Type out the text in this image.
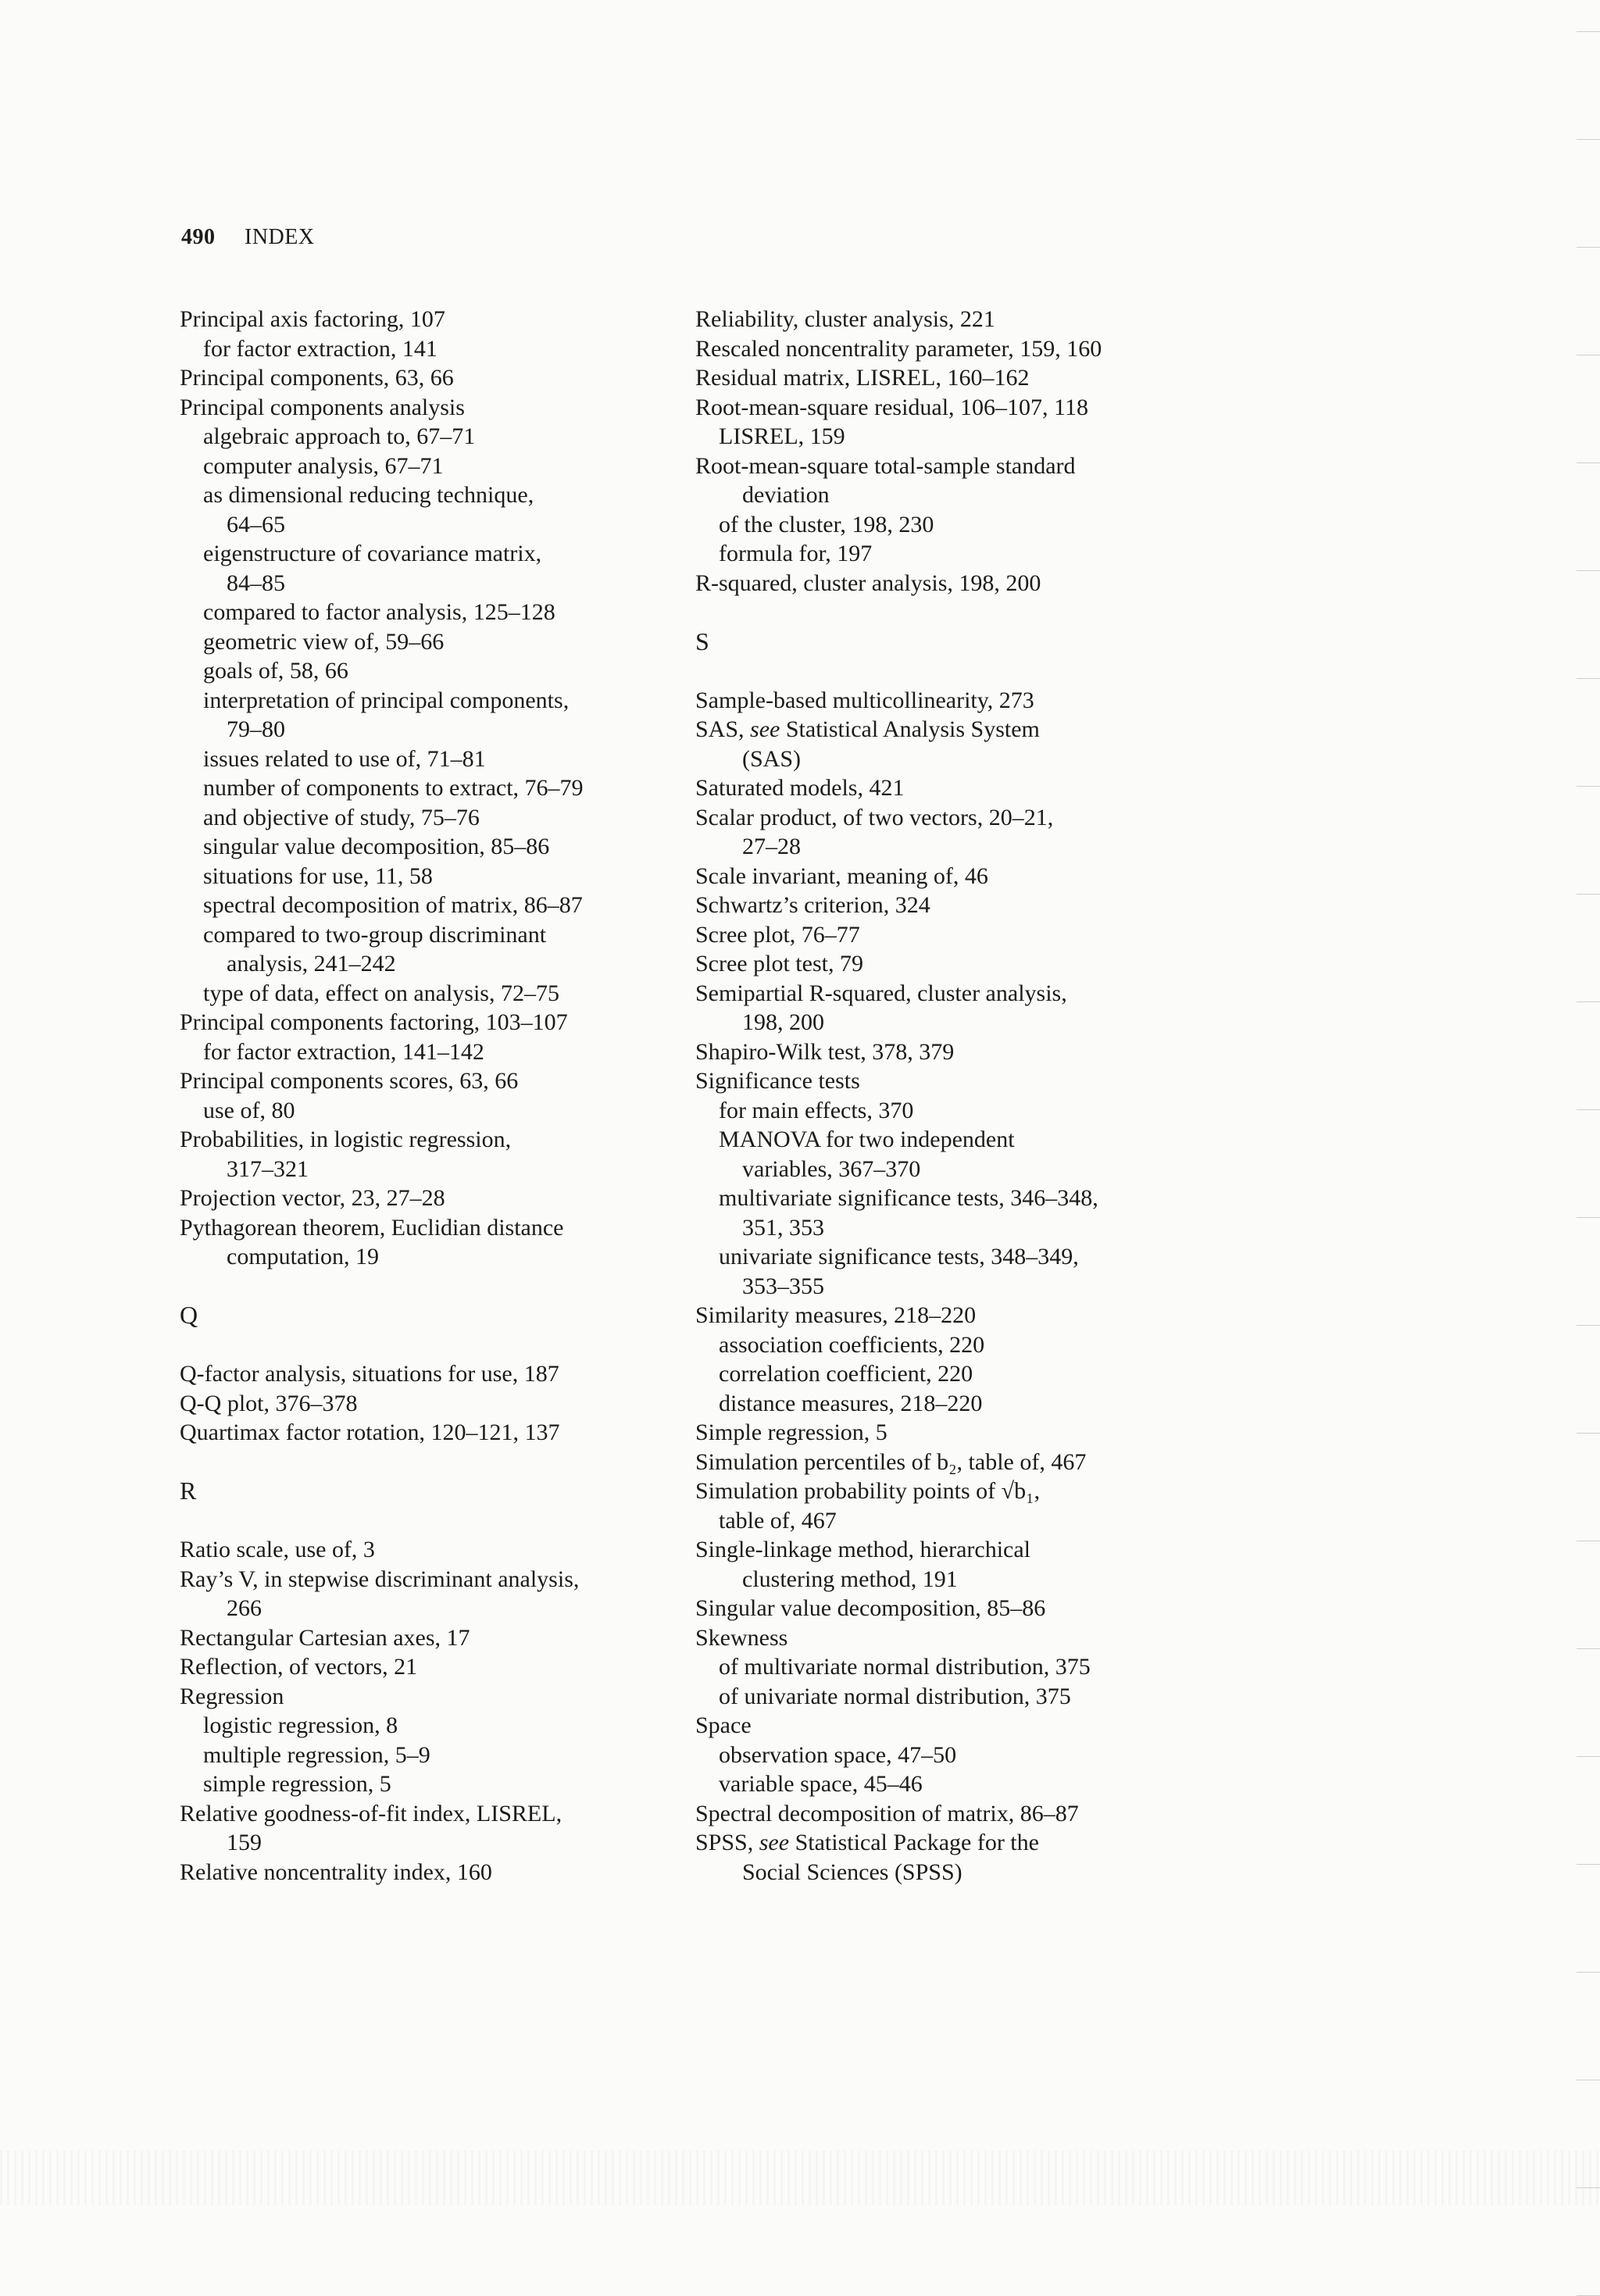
490 INDEX
Principal axis factoring, 107
for factor extraction, 141
Principal components, 63, 66
Principal components analysis
algebraic approach to, 67–71
computer analysis, 67–71
as dimensional reducing technique,
64–65
eigenstructure of covariance matrix,
84–85
compared to factor analysis, 125–128
geometric view of, 59–66
goals of, 58, 66
interpretation of principal components,
79–80
issues related to use of, 71–81
number of components to extract, 76–79
and objective of study, 75–76
singular value decomposition, 85–86
situations for use, 11, 58
spectral decomposition of matrix, 86–87
compared to two-group discriminant
analysis, 241–242
type of data, effect on analysis, 72–75
Principal components factoring, 103–107
for factor extraction, 141–142
Principal components scores, 63, 66
use of, 80
Probabilities, in logistic regression,
317–321
Projection vector, 23, 27–28
Pythagorean theorem, Euclidian distance
computation, 19
Q
Q-factor analysis, situations for use, 187
Q-Q plot, 376–378
Quartimax factor rotation, 120–121, 137
R
Ratio scale, use of, 3
Ray’s V, in stepwise discriminant analysis,
266
Rectangular Cartesian axes, 17
Reflection, of vectors, 21
Regression
logistic regression, 8
multiple regression, 5–9
simple regression, 5
Relative goodness-of-fit index, LISREL,
159
Relative noncentrality index, 160
Reliability, cluster analysis, 221
Rescaled noncentrality parameter, 159, 160
Residual matrix, LISREL, 160–162
Root-mean-square residual, 106–107, 118
LISREL, 159
Root-mean-square total-sample standard
deviation
of the cluster, 198, 230
formula for, 197
R-squared, cluster analysis, 198, 200
S
Sample-based multicollinearity, 273
SAS, see Statistical Analysis System
(SAS)
Saturated models, 421
Scalar product, of two vectors, 20–21,
27–28
Scale invariant, meaning of, 46
Schwartz’s criterion, 324
Scree plot, 76–77
Scree plot test, 79
Semipartial R-squared, cluster analysis,
198, 200
Shapiro-Wilk test, 378, 379
Significance tests
for main effects, 370
MANOVA for two independent
variables, 367–370
multivariate significance tests, 346–348,
351, 353
univariate significance tests, 348–349,
353–355
Similarity measures, 218–220
association coefficients, 220
correlation coefficient, 220
distance measures, 218–220
Simple regression, 5
Simulation percentiles of b₂, table of, 467
Simulation probability points of √b₁,
table of, 467
Single-linkage method, hierarchical
clustering method, 191
Singular value decomposition, 85–86
Skewness
of multivariate normal distribution, 375
of univariate normal distribution, 375
Space
observation space, 47–50
variable space, 45–46
Spectral decomposition of matrix, 86–87
SPSS, see Statistical Package for the
Social Sciences (SPSS)
